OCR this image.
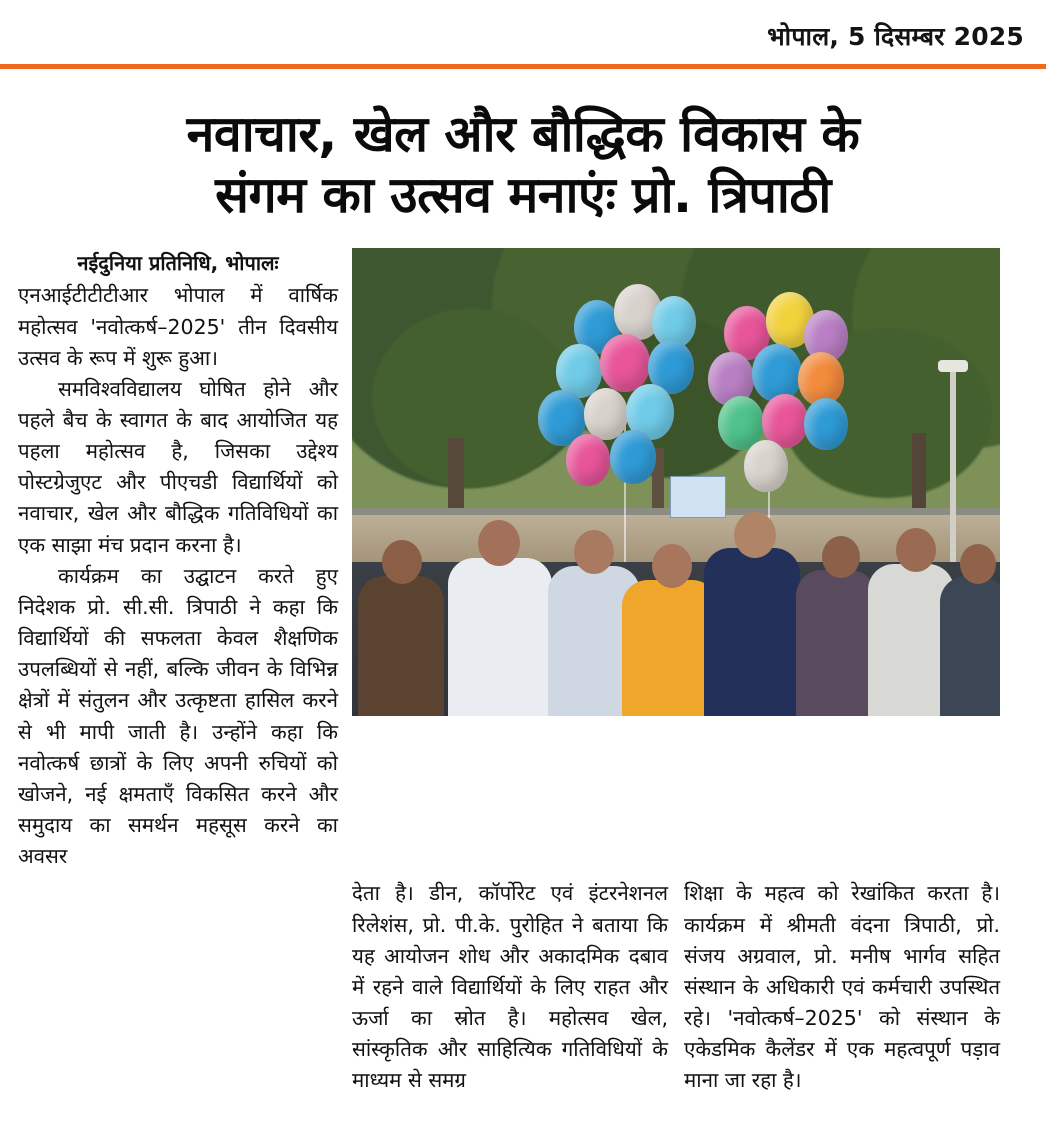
भोपाल, 5 दिसम्बर 2025
नवाचार, खेल और बौद्धिक विकास के
संगम का उत्सव मनाएंः प्रो. त्रिपाठी

नईदुनिया प्रतिनिधि, भोपालः
एनआईटीटीटीआर भोपाल में वार्षिक महोत्सव 'नवोत्कर्ष–2025' तीन दिवसीय उत्सव के रूप में शुरू हुआ।

समविश्वविद्यालय घोषित होने और पहले बैच के स्वागत के बाद आयोजित यह पहला महोत्सव है, जिसका उद्देश्य पोस्टग्रेजुएट और पीएचडी विद्यार्थियों को नवाचार, खेल और बौद्धिक गतिविधियों का एक साझा मंच प्रदान करना है।

कार्यक्रम का उद्घाटन करते हुए निदेशक प्रो. सी.सी. त्रिपाठी ने कहा कि विद्यार्थियों की सफलता केवल शैक्षणिक उपलब्धियों से नहीं, बल्कि जीवन के विभिन्न क्षेत्रों में संतुलन और उत्कृष्टता हासिल करने से भी मापी जाती है। उन्होंने कहा कि नवोत्कर्ष छात्रों के लिए अपनी रुचियों को खोजने, नई क्षमताएँ विकसित करने और समुदाय का समर्थन महसूस करने का अवसर

देता है। डीन, कॉर्पोरेट एवं इंटरनेशनल रिलेशंस, प्रो. पी.के. पुरोहित ने बताया कि यह आयोजन शोध और अकादमिक दबाव में रहने वाले विद्यार्थियों के लिए राहत और ऊर्जा का स्रोत है। महोत्सव खेल, सांस्कृतिक और साहित्यिक गतिविधियों के माध्यम से समग्र

शिक्षा के महत्व को रेखांकित करता है। कार्यक्रम में श्रीमती वंदना त्रिपाठी, प्रो. संजय अग्रवाल, प्रो. मनीष भार्गव सहित संस्थान के अधिकारी एवं कर्मचारी उपस्थित रहे। 'नवोत्कर्ष–2025' को संस्थान के एकेडमिक कैलेंडर में एक महत्वपूर्ण पड़ाव माना जा रहा है।
